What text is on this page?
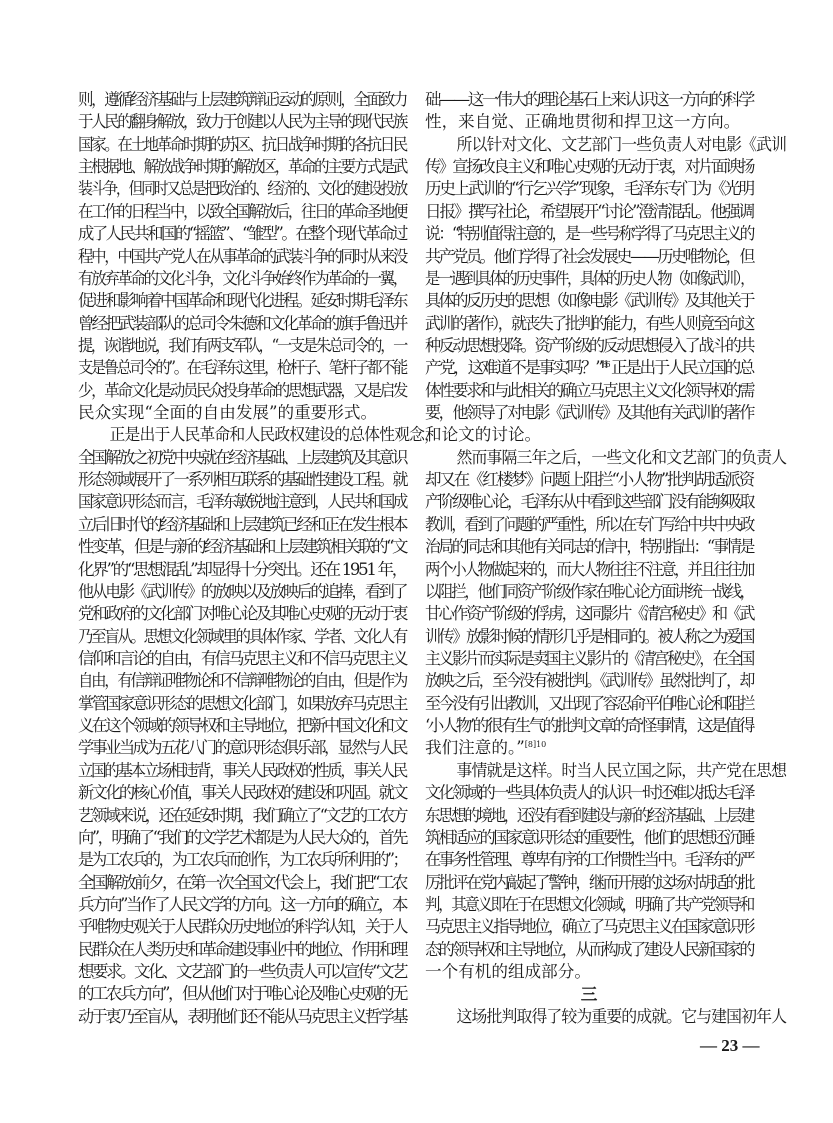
则，遵循经济基础与上层建筑辩证运动的原则，全面致力
于人民的翻身解放，致力于创建以人民为主导的现代民族
国家。在土地革命时期的苏区、抗日战争时期的各抗日民
主根据地、解放战争时期的解放区，革命的主要方式是武
装斗争，但同时又总是把政治的、经济的、文化的建设投放
在工作的日程当中，以致全国解放后，往日的革命圣地便
成了人民共和国的“摇篮”、“雏型”。在整个现代革命过
程中，中国共产党人在从事革命的武装斗争的同时从来没
有放弃革命的文化斗争，文化斗争始终作为革命的一翼，
促进和影响着中国革命和现代化进程。延安时期毛泽东
曾经把武装部队的总司令朱德和文化革命的旗手鲁迅并
提，诙谐地说，我们有两支军队，“一支是朱总司令的，一
支是鲁总司令的”。在毛泽东这里，枪杆子、笔杆子都不能
少，革命文化是动员民众投身革命的思想武器，又是启发
民众实现“全面的自由发展”的重要形式。
正是出于人民革命和人民政权建设的总体性观念，
全国解放之初党中央就在经济基础、上层建筑及其意识
形态领域展开了一系列相互联系的基础性建设工程。就
国家意识形态而言，毛泽东敏锐地注意到，人民共和国成
立后旧时代的经济基础和上层建筑已经和正在发生根本
性变革，但是与新的经济基础和上层建筑相关联的“文
化界”的“思想混乱”却显得十分突出。还在 1951 年，
他从电影《武训传》的放映以及放映后的追捧，看到了
党和政府的文化部门对唯心论及其唯心史观的无动于衷
乃至盲从。思想文化领域里的具体作家、学者、文化人有
信仰和言论的自由，有信马克思主义和不信马克思主义
自由，有信辩证唯物论和不信辩唯物论的自由，但是作为
掌管国家意识形态的思想文化部门，如果放弃马克思主
义在这个领域的领导权和主导地位，把新中国文化和文
学事业当成为五花八门的意识形态俱乐部，显然与人民
立国的基本立场相违背，事关人民政权的性质，事关人民
新文化的核心价值，事关人民政权的建设和巩固。就文
艺领域来说，还在延安时期，我们确立了“文艺的工农方
向”，明确了“我们的文学艺术都是为人民大众的，首先
是为工农兵的，为工农兵而创作，为工农兵所利用的”；
全国解放前夕，在第一次全国文代会上，我们把“工农
兵方向”当作了人民文学的方向。这一方向的确立，本
乎唯物史观关于人民群众历史地位的科学认知，关于人
民群众在人类历史和革命建设事业中的地位、作用和理
想要求。文化、文艺部门的一些负责人可以宣传“文艺
的工农兵方向”，但从他们对于唯心论及唯心史观的无
动于衷乃至盲从，表明他们还不能从马克思主义哲学基
础——这一伟大的理论基石上来认识这一方向的科学
性，来自觉、正确地贯彻和捍卫这一方向。
所以针对文化、文艺部门一些负责人对电影《武训
传》宣扬改良主义和唯心史观的无动于衷，对片面谀扬
历史上武训的“行乞兴学”现象，毛泽东专门为《光明
日报》撰写社论，希望展开“讨论”澄清混乱。他强调
说：“特别值得注意的，是一些号称学得了马克思主义的
共产党员。他们学得了社会发展史——历史唯物论，但
是一遇到具体的历史事件，具体的历史人物（如像武训），
具体的反历史的思想（如像电影《武训传》及其他关于
武训的著作），就丧失了批判的能力，有些人则竟至向这
种反动思想投降。资产阶级的反动思想侵入了战斗的共
产党，这难道不是事实吗？”$^{[8]6}$ 正是出于人民立国的总
体性要求和与此相关的确立马克思主义文化领导权的需
要，他领导了对电影《武训传》及其他有关武训的著作
和论文的讨论。
然而事隔三年之后，一些文化和文艺部门的负责人
却又在《红楼梦》问题上阻拦“小人物”批判胡适派资
产阶级唯心论，毛泽东从中看到这些部门没有能够吸取
教训，看到了问题的严重性，所以在专门写给中共中央政
治局的同志和其他有关同志的信中，特别指出：“事情是
两个小人物做起来的，而大人物往往不注意，并且往往加
以阻拦，他们同资产阶级作家在唯心论方面讲统一战线，
甘心作资产阶级的俘虏，这同影片《清宫秘史》和《武
训传》放影时候的情形几乎是相同的。被人称之为爱国
主义影片而实际是卖国主义影片的《清宫秘史》，在全国
放映之后，至今没有被批判。《武训传》虽然批判了，却
至今没有引出教训，又出现了容忍俞平伯唯心论和阻拦
‘小人物’的很有生气的批判文章的奇怪事情，这是值得
我们注意的。”$^{[8]10}$
事情就是这样。时当人民立国之际，共产党在思想
文化领域的一些具体负责人的认识一时还难以抵达毛泽
东思想的境地，还没有看到建设与新的经济基础、上层建
筑相适应的国家意识形态的重要性，他们的思想还沉睡
在事务性管理、尊卑有序的工作惯性当中。毛泽东的严
厉批评在党内敲起了警钟，继而开展的这场对胡适的批
判，其意义即在于在思想文化领域，明确了共产党领导和
马克思主义指导地位，确立了马克思主义在国家意识形
态的领导权和主导地位，从而构成了建设人民新国家的
一个有机的组成部分。
三
这场批判取得了较为重要的成就。它与建国初年人
— 23 —
